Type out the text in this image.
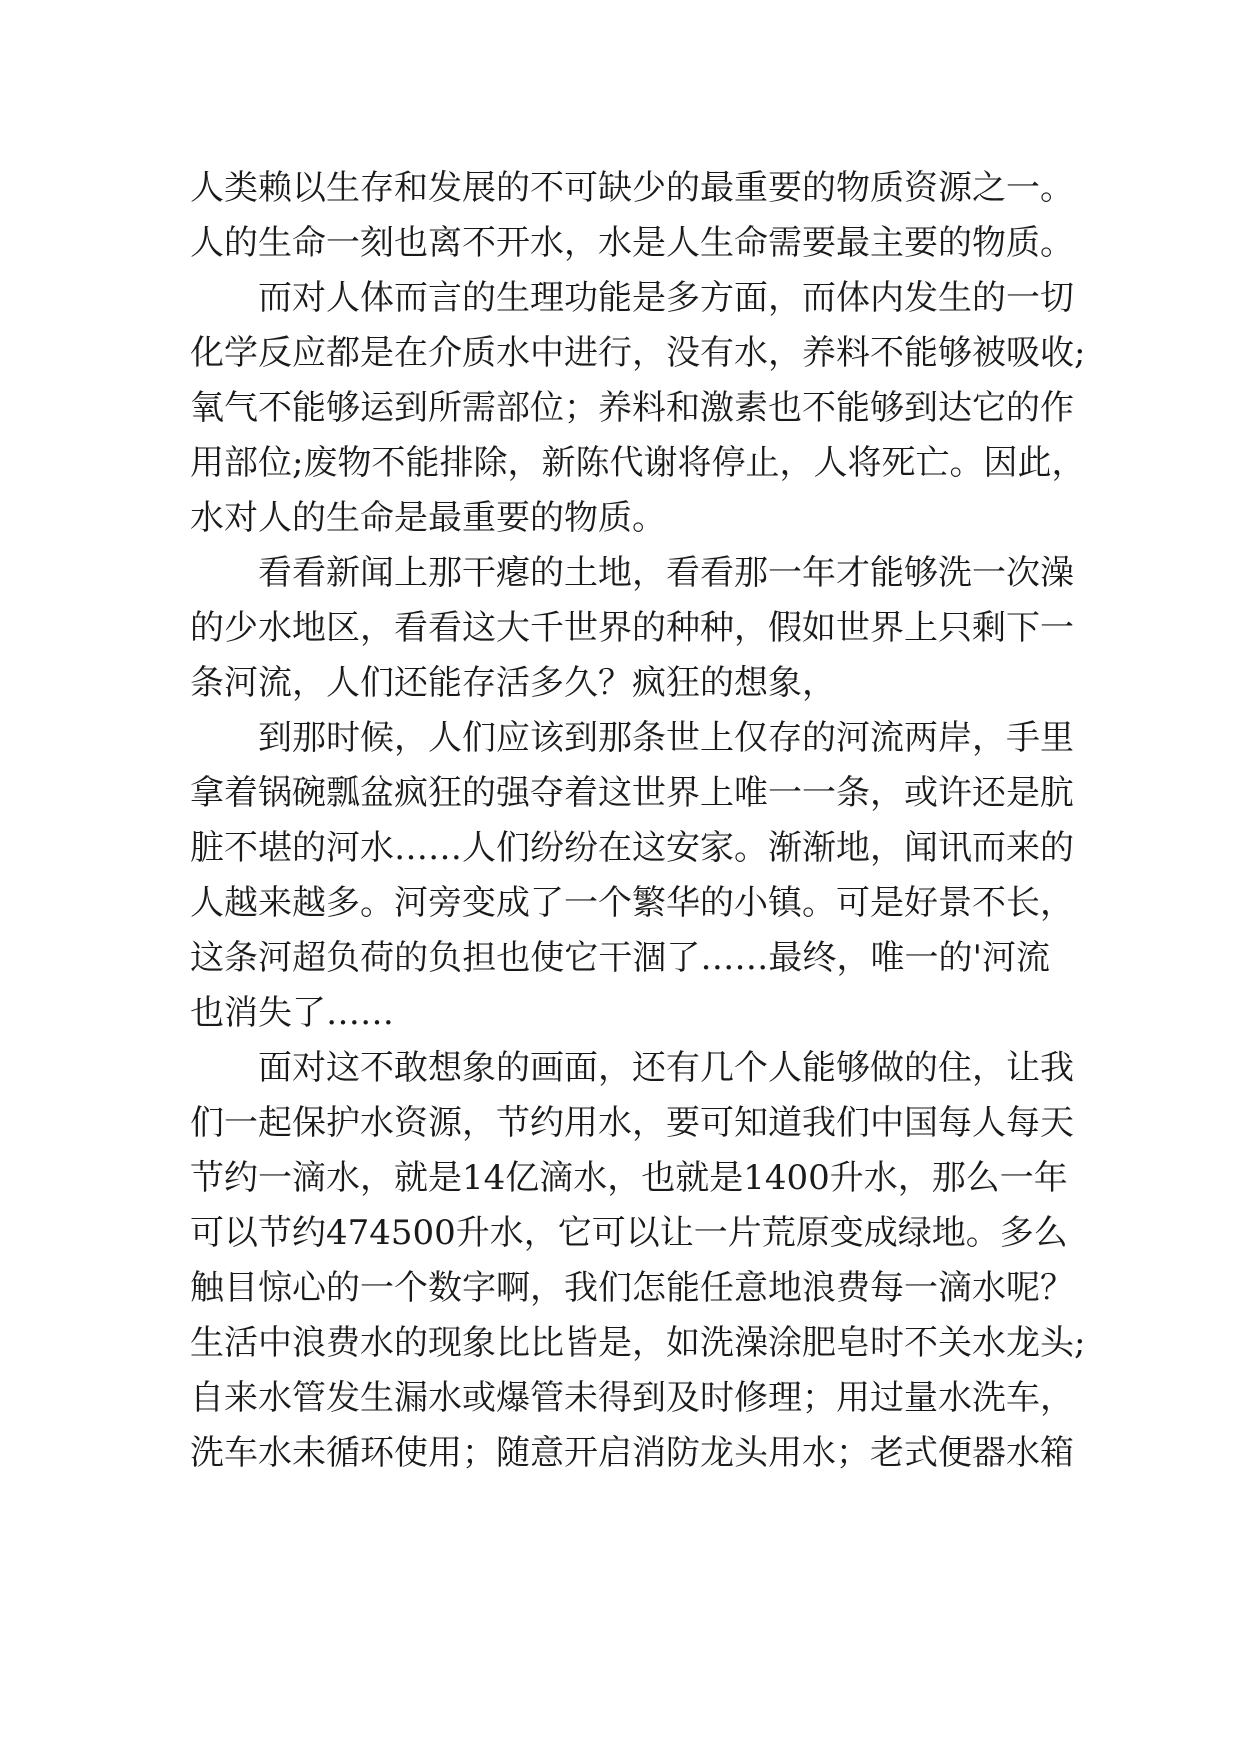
人类赖以生存和发展的不可缺少的最重要的物质资源之一。
人的生命一刻也离不开水，水是人生命需要最主要的物质。
而对人体而言的生理功能是多方面，而体内发生的一切
化学反应都是在介质水中进行，没有水，养料不能够被吸收;
氧气不能够运到所需部位；养料和激素也不能够到达它的作
用部位;废物不能排除，新陈代谢将停止，人将死亡。因此，
水对人的生命是最重要的物质。
看看新闻上那干瘪的土地，看看那一年才能够洗一次澡
的少水地区，看看这大千世界的种种，假如世界上只剩下一
条河流，人们还能存活多久？疯狂的想象，
到那时候，人们应该到那条世上仅存的河流两岸，手里
拿着锅碗瓢盆疯狂的强夺着这世界上唯一一条，或许还是肮
脏不堪的河水……人们纷纷在这安家。渐渐地，闻讯而来的
人越来越多。河旁变成了一个繁华的小镇。可是好景不长，
这条河超负荷的负担也使它干涸了……最终，唯一的'河流
也消失了……
面对这不敢想象的画面，还有几个人能够做的住，让我
们一起保护水资源，节约用水，要可知道我们中国每人每天
节约一滴水，就是14亿滴水，也就是1400升水，那么一年
可以节约474500升水，它可以让一片荒原变成绿地。多么
触目惊心的一个数字啊，我们怎能任意地浪费每一滴水呢？
生活中浪费水的现象比比皆是，如洗澡涂肥皂时不关水龙头;
自来水管发生漏水或爆管未得到及时修理；用过量水洗车，
洗车水未循环使用；随意开启消防龙头用水；老式便器水箱
